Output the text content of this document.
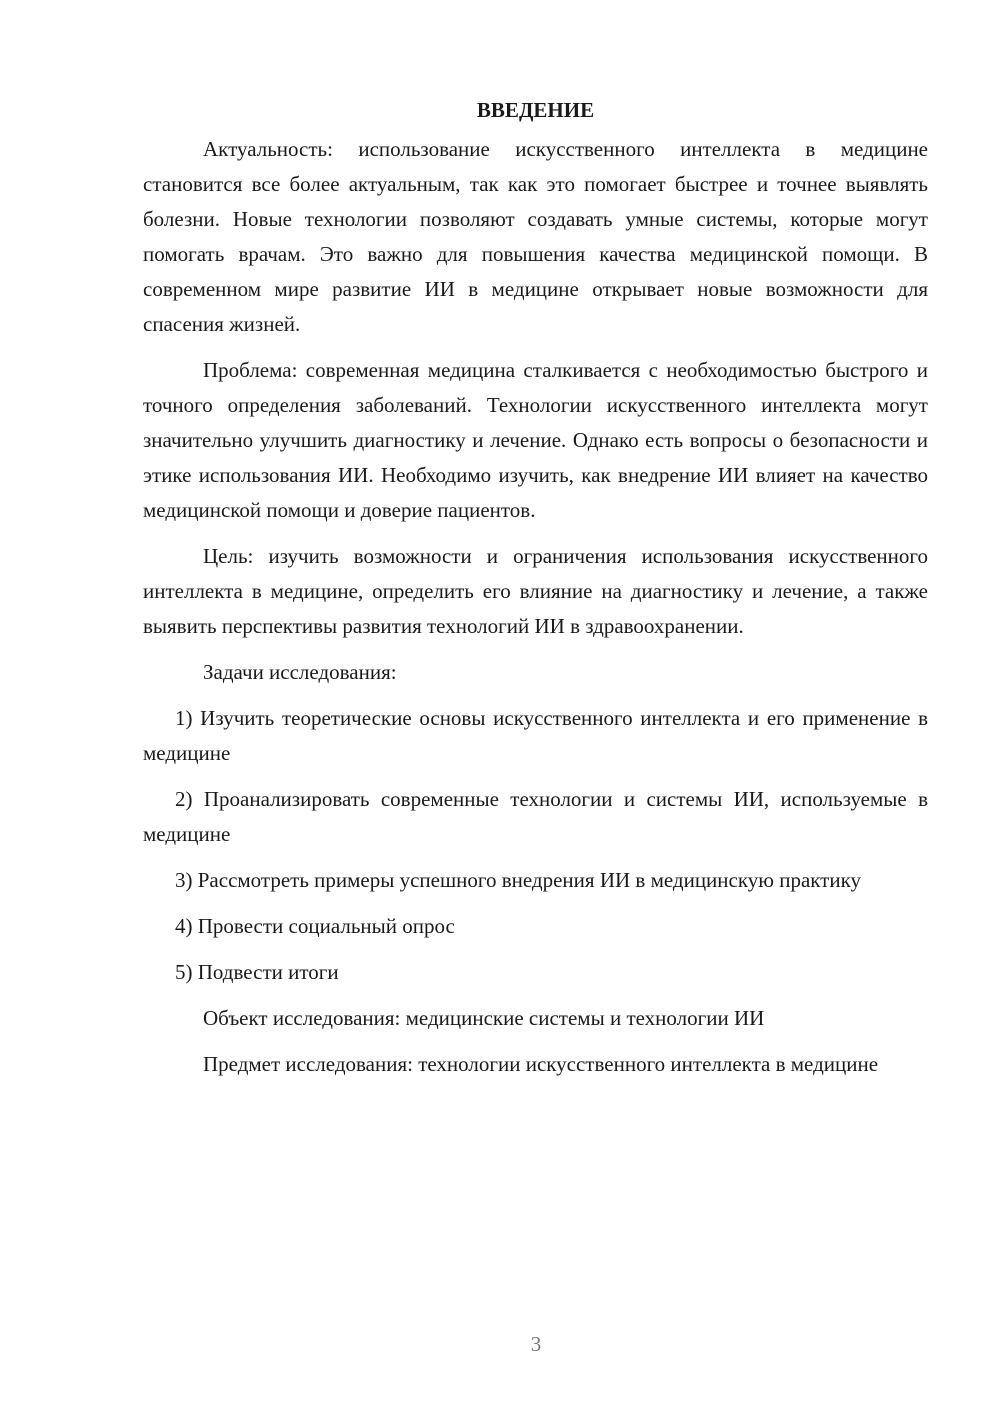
ВВЕДЕНИЕ

Актуальность: использование искусственного интеллекта в медицине становится все более актуальным, так как это помогает быстрее и точнее выявлять болезни. Новые технологии позволяют создавать умные системы, которые могут помогать врачам. Это важно для повышения качества медицинской помощи. В современном мире развитие ИИ в медицине открывает новые возможности для спасения жизней.

Проблема: современная медицина сталкивается с необходимостью быстрого и точного определения заболеваний. Технологии искусственного интеллекта могут значительно улучшить диагностику и лечение. Однако есть вопросы о безопасности и этике использования ИИ. Необходимо изучить, как внедрение ИИ влияет на качество медицинской помощи и доверие пациентов.

Цель: изучить возможности и ограничения использования искусственного интеллекта в медицине, определить его влияние на диагностику и лечение, а также выявить перспективы развития технологий ИИ в здравоохранении.

Задачи исследования:

1) Изучить теоретические основы искусственного интеллекта и его применение в медицине

2) Проанализировать современные технологии и системы ИИ, используемые в медицине

3) Рассмотреть примеры успешного внедрения ИИ в медицинскую практику

4) Провести социальный опрос

5) Подвести итоги

Объект исследования: медицинские системы и технологии ИИ

Предмет исследования: технологии искусственного интеллекта в медицине

3
